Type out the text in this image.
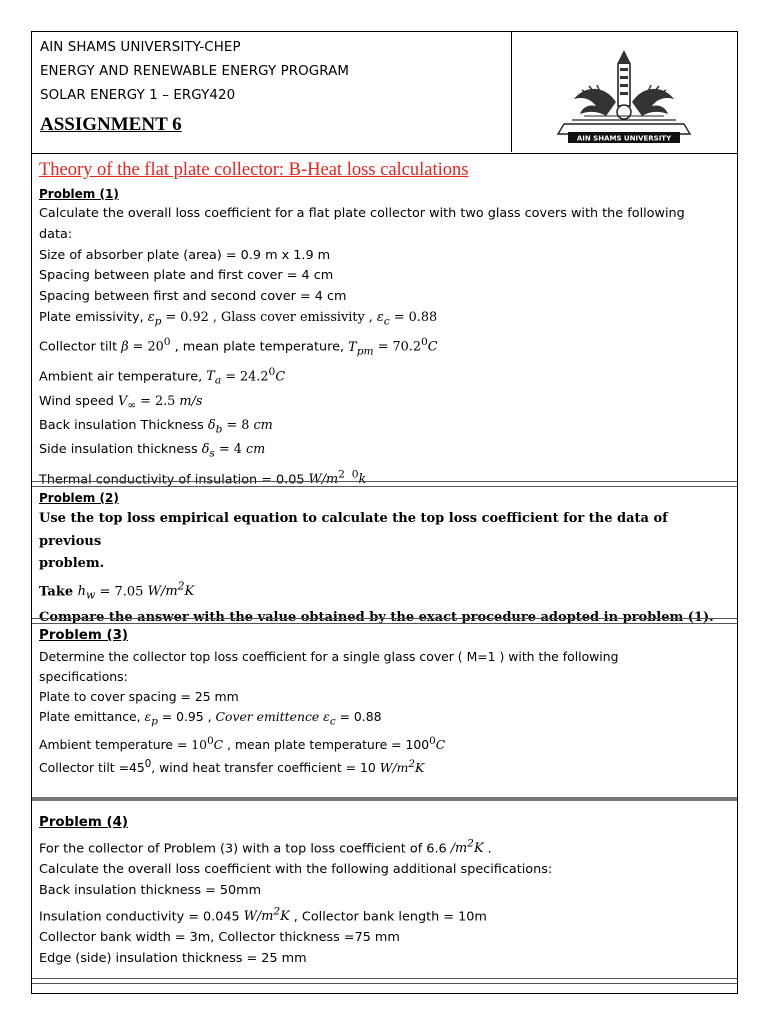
AIN SHAMS UNIVERSITY-CHEP
ENERGY AND RENEWABLE ENERGY PROGRAM
SOLAR ENERGY 1 – ERGY420
ASSIGNMENT 6
AIN SHAMS UNIVERSITY
Theory of the flat plate collector: B-Heat loss calculations
Problem (1)
Calculate the overall loss coefficient for a flat plate collector with two glass covers with the following
data:
Size of absorber plate (area) = 0.9 m x 1.9 m
Spacing between plate and first cover = 4 cm
Spacing between first and second cover = 4 cm
Plate emissivity, $\varepsilon_p = 0.92$ , Glass cover emissivity , $\varepsilon_c = 0.88$
Collector tilt $\beta = 20^0$ , mean plate temperature, $T_{pm} = 70.2^0C$
Ambient air temperature, $T_a = 24.2^0C$
Wind speed $V_\infty = 2.5$ m/s
Back insulation Thickness $\delta_b = 8$ cm
Side insulation thickness $\delta_s = 4$ cm
Thermal conductivity of insulation = 0.05 $W/m^{2 0}k$
Problem (2)
Use the top loss empirical equation to calculate the top loss coefficient for the data of previous
problem.
Take $h_w = 7.05$ $W/m^2K$
Compare the answer with the value obtained by the exact procedure adopted in problem (1).
Problem (3)
Determine the collector top loss coefficient for a single glass cover ( M=1 ) with the following
specifications:
Plate to cover spacing = 25 mm
Plate emittance, $\varepsilon_p = 0.95$ , Cover emittence $\varepsilon_c = 0.88$
Ambient temperature = $10^0C$ , mean plate temperature = $100^0C$
Collector tilt $=45^0$, wind heat transfer coefficient = 10 $W/m^2K$
Problem (4)
For the collector of Problem (3) with a top loss coefficient of 6.6 $/m^2K$ .
Calculate the overall loss coefficient with the following additional specifications:
Back insulation thickness = 50mm
Insulation conductivity = 0.045 $W/m^2K$ , Collector bank length = 10m
Collector bank width = 3m, Collector thickness =75 mm
Edge (side) insulation thickness = 25 mm
